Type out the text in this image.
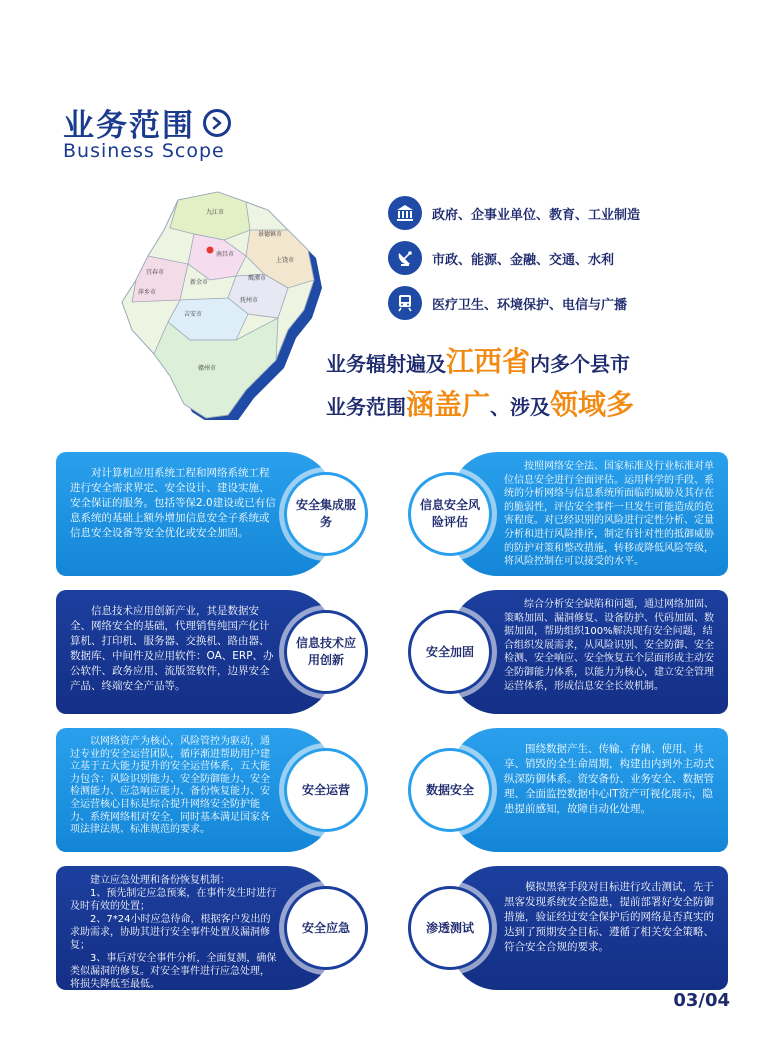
业务范围
Business Scope
九江市
景德镇市
南昌市
上饶市
新余市
宜春市
萍乡市
鹰潭市
抚州市
吉安市
赣州市
政府、企事业单位、教育、工业制造
市政、能源、金融、交通、水利
医疗卫生、环境保护、电信与广播
业务辐射遍及江西省内多个县市
业务范围涵盖广、涉及领域多

对计算机应用系统工程和网络系统工程进行安全需求界定、安全设计、建设实施、安全保证的服务。包括等保2.0建设或已有信息系统的基础上额外增加信息安全子系统或信息安全设备等安全优化或安全加固。

安全集成服务

按照网络安全法、国家标准及行业标准对单位信息安全进行全面评估。运用科学的手段、系统的分析网络与信息系统所面临的威胁及其存在的脆弱性，评估安全事件一旦发生可能造成的危害程度。对已经识别的风险进行定性分析、定量分析和进行风险排序，制定有针对性的抵御威胁的防护对策和整改措施，转移或降低风险等级，将风险控制在可以接受的水平。

信息安全风险评估

信息技术应用创新产业，其是数据安全、网络安全的基础，代理销售纯国产化计算机、打印机、服务器、交换机、路由器、数据库、中间件及应用软件：OA、ERP、办公软件、政务应用、流版签软件，边界安全产品、终端安全产品等。

信息技术应用创新

综合分析安全缺陷和问题，通过网络加固、策略加固、漏洞修复、设备防护、代码加固、数据加固，帮助组织100%解决现有安全问题，结合组织发展需求，从风险识别、安全防御、安全检测、安全响应、安全恢复五个层面形成主动安全防御能力体系，以能力为核心，建立安全管理运营体系，形成信息安全长效机制。

安全加固

以网络资产为核心，风险管控为驱动，通过专业的安全运营团队，循序渐进帮助用户建立基于五大能力提升的安全运营体系，五大能力包含：风险识别能力、安全防御能力、安全检测能力、应急响应能力、备份恢复能力、安全运营核心目标是综合提升网络安全防护能力、系统网络相对安全，同时基本满足国家各项法律法规、标准规范的要求。

安全运营

围绕数据产生、传输、存储、使用、共享、销毁的全生命周期，构建由内到外主动式纵深防御体系。资安备份、业务安全、数据管理、全面监控数据中心IT资产可视化展示，隐患提前感知，故障自动化处理。

数据安全
建立应急处理和备份恢复机制：
1、预先制定应急预案，在事件发生时进行及时有效的处置；
2、7*24小时应急待命，根据客户发出的求助需求，协助其进行安全事件处置及漏洞修复；
3、事后对安全事件分析，全面复测，确保类似漏洞的修复。对安全事件进行应急处理，将损失降低至最低。
安全应急

模拟黑客手段对目标进行攻击测试，先于黑客发现系统安全隐患，提前部署好安全防御措施，验证经过安全保护后的网络是否真实的达到了预期安全目标、遵循了相关安全策略、符合安全合规的要求。

渗透测试
03/04
